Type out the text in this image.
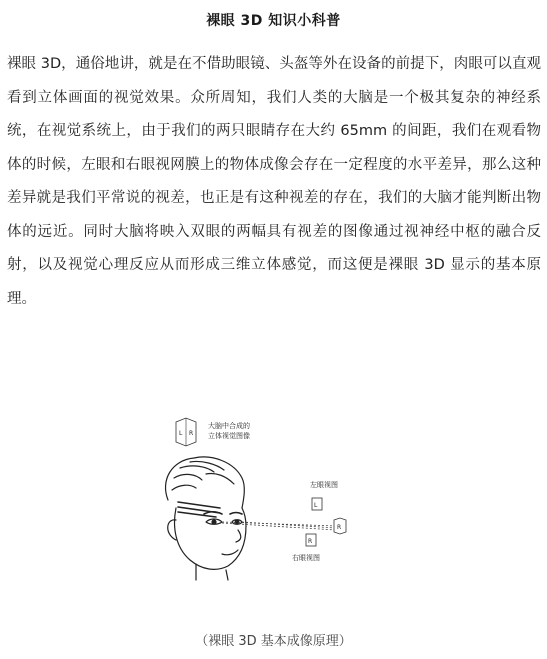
裸眼 3D 知识小科普

裸眼 3D，通俗地讲，就是在不借助眼镜、头盔等外在设备的前提下，肉眼可以直观看到立体画面的视觉效果。众所周知，我们人类的大脑是一个极其复杂的神经系统，在视觉系统上，由于我们的两只眼睛存在大约 65mm 的间距，我们在观看物体的时候，左眼和右眼视网膜上的物体成像会存在一定程度的水平差异，那么这种差异就是我们平常说的视差，也正是有这种视差的存在，我们的大脑才能判断出物体的远近。同时大脑将映入双眼的两幅具有视差的图像通过视神经中枢的融合反射，以及视觉心理反应从而形成三维立体感觉，而这便是裸眼 3D 显示的基本原理。

L R
大脑中合成的
立体视觉图像
R
左眼视图
L
R
右眼视图
（裸眼 3D 基本成像原理）
